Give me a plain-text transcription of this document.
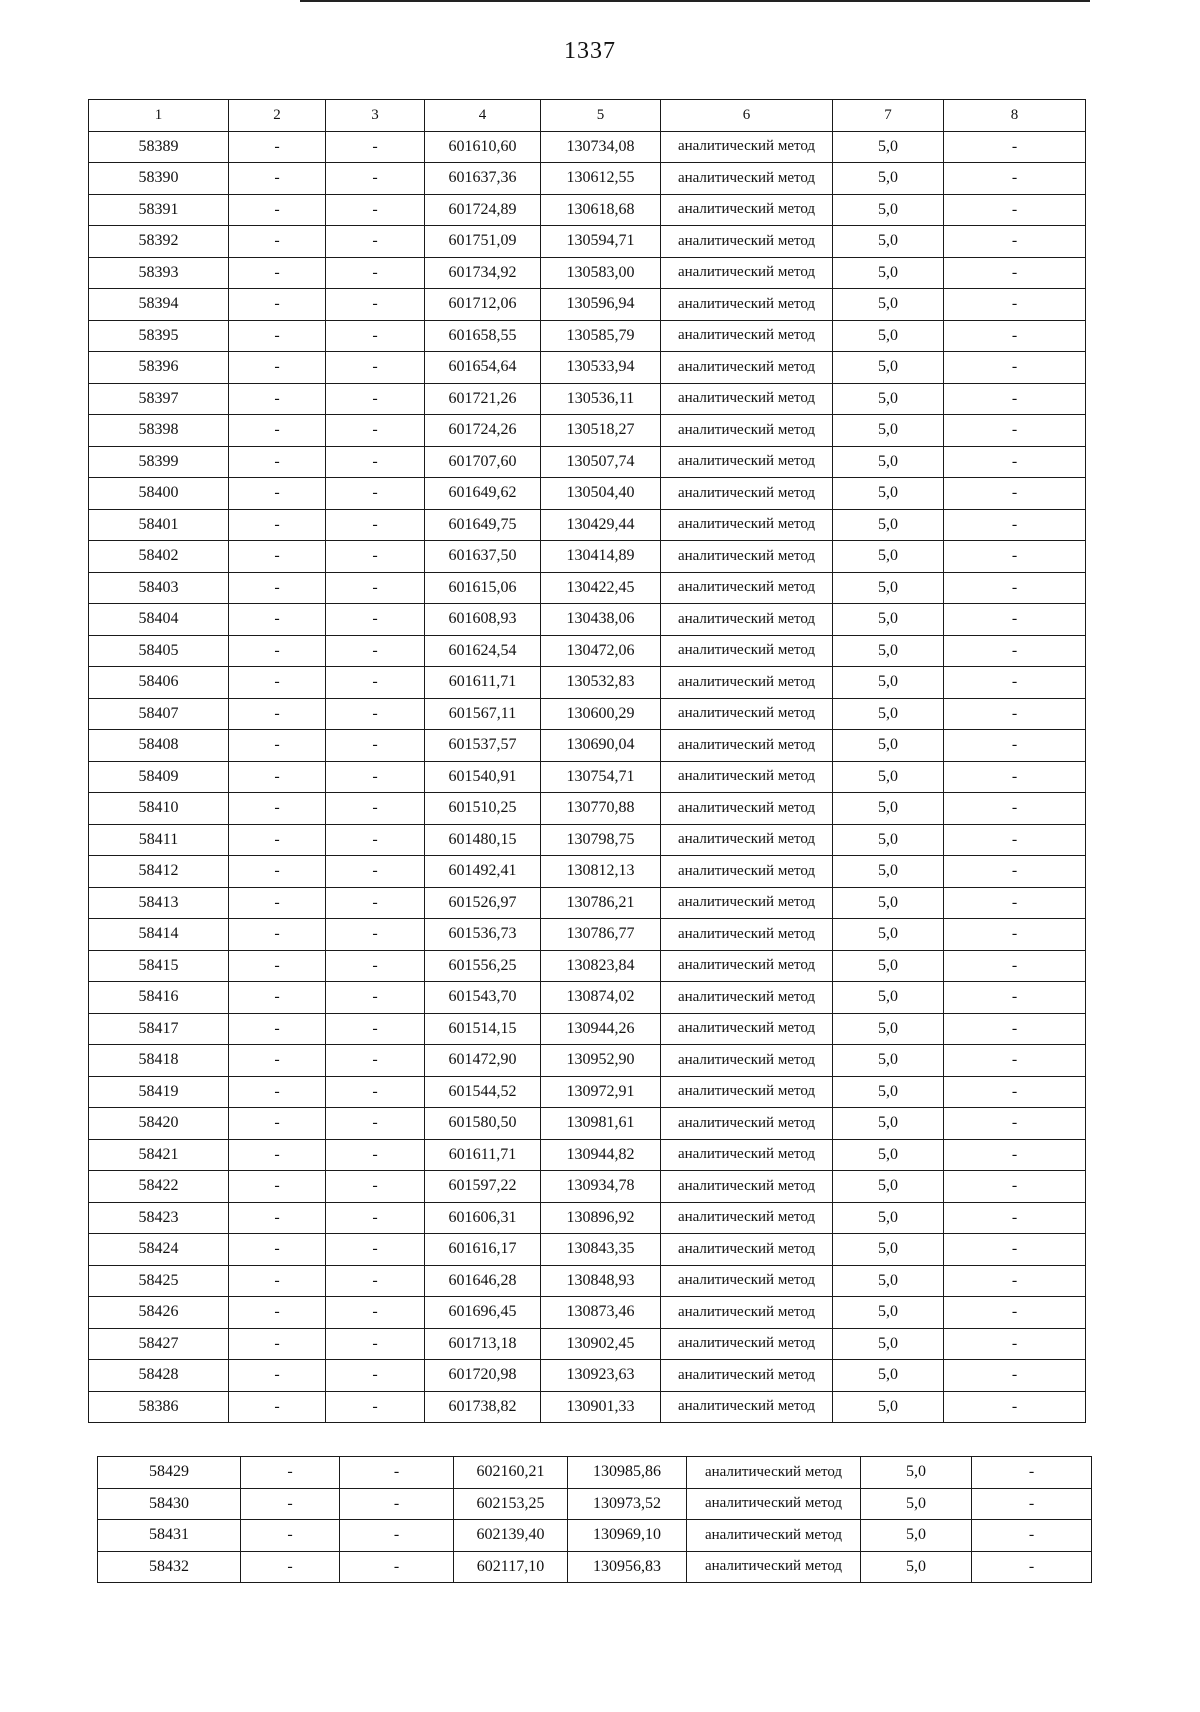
1337
1	2	3	4	5	6	7	8
58389	-	-	601610,60	130734,08	аналитический метод	5,0	-
58390	-	-	601637,36	130612,55	аналитический метод	5,0	-
58391	-	-	601724,89	130618,68	аналитический метод	5,0	-
58392	-	-	601751,09	130594,71	аналитический метод	5,0	-
58393	-	-	601734,92	130583,00	аналитический метод	5,0	-
58394	-	-	601712,06	130596,94	аналитический метод	5,0	-
58395	-	-	601658,55	130585,79	аналитический метод	5,0	-
58396	-	-	601654,64	130533,94	аналитический метод	5,0	-
58397	-	-	601721,26	130536,11	аналитический метод	5,0	-
58398	-	-	601724,26	130518,27	аналитический метод	5,0	-
58399	-	-	601707,60	130507,74	аналитический метод	5,0	-
58400	-	-	601649,62	130504,40	аналитический метод	5,0	-
58401	-	-	601649,75	130429,44	аналитический метод	5,0	-
58402	-	-	601637,50	130414,89	аналитический метод	5,0	-
58403	-	-	601615,06	130422,45	аналитический метод	5,0	-
58404	-	-	601608,93	130438,06	аналитический метод	5,0	-
58405	-	-	601624,54	130472,06	аналитический метод	5,0	-
58406	-	-	601611,71	130532,83	аналитический метод	5,0	-
58407	-	-	601567,11	130600,29	аналитический метод	5,0	-
58408	-	-	601537,57	130690,04	аналитический метод	5,0	-
58409	-	-	601540,91	130754,71	аналитический метод	5,0	-
58410	-	-	601510,25	130770,88	аналитический метод	5,0	-
58411	-	-	601480,15	130798,75	аналитический метод	5,0	-
58412	-	-	601492,41	130812,13	аналитический метод	5,0	-
58413	-	-	601526,97	130786,21	аналитический метод	5,0	-
58414	-	-	601536,73	130786,77	аналитический метод	5,0	-
58415	-	-	601556,25	130823,84	аналитический метод	5,0	-
58416	-	-	601543,70	130874,02	аналитический метод	5,0	-
58417	-	-	601514,15	130944,26	аналитический метод	5,0	-
58418	-	-	601472,90	130952,90	аналитический метод	5,0	-
58419	-	-	601544,52	130972,91	аналитический метод	5,0	-
58420	-	-	601580,50	130981,61	аналитический метод	5,0	-
58421	-	-	601611,71	130944,82	аналитический метод	5,0	-
58422	-	-	601597,22	130934,78	аналитический метод	5,0	-
58423	-	-	601606,31	130896,92	аналитический метод	5,0	-
58424	-	-	601616,17	130843,35	аналитический метод	5,0	-
58425	-	-	601646,28	130848,93	аналитический метод	5,0	-
58426	-	-	601696,45	130873,46	аналитический метод	5,0	-
58427	-	-	601713,18	130902,45	аналитический метод	5,0	-
58428	-	-	601720,98	130923,63	аналитический метод	5,0	-
58386	-	-	601738,82	130901,33	аналитический метод	5,0	-
58429	-	-	602160,21	130985,86	аналитический метод	5,0	-
58430	-	-	602153,25	130973,52	аналитический метод	5,0	-
58431	-	-	602139,40	130969,10	аналитический метод	5,0	-
58432	-	-	602117,10	130956,83	аналитический метод	5,0	-
